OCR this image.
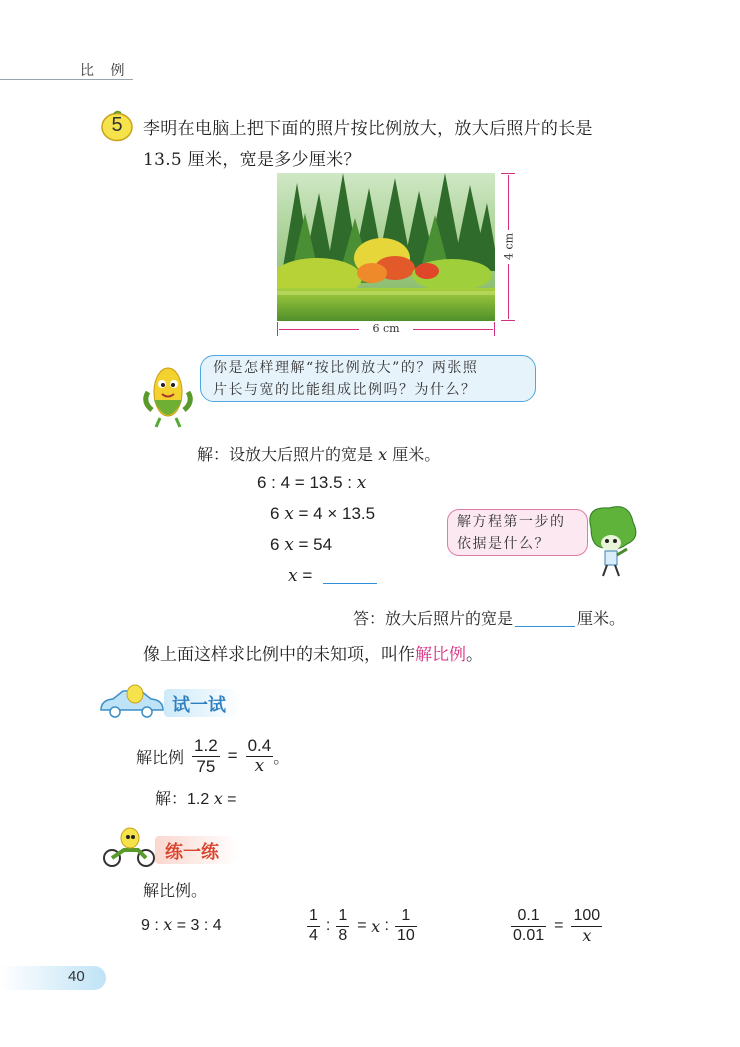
比 例
5	李明在电脑上把下面的照片按比例放大，放大后照片的长是
13.5 厘米，宽是多少厘米？
6 cm
4 cm
你是怎样理解“按比例放大”的？两张照
片长与宽的比能组成比例吗？为什么？
解：设放大后照片的宽是 x 厘米。
6 : 4 = 13.5 : x
6 x = 4 × 13.5
6 x = 54
x =
解方程第一步的
依据是什么？
答：放大后照片的宽是	厘米。
像上面这样求比例中的未知项，叫作解比例。
试一试
解比例 $\frac{1.2}{75} = \frac{0.4}{x}$ 。
解：1.2 x =
练一练
解比例。
9 : x = 3 : 4	$\frac{1}{4}$ : $\frac{1}{8} = x$ : $\frac{1}{10}$	$\frac{0.1}{0.01} = \frac{100}{x}$
40
